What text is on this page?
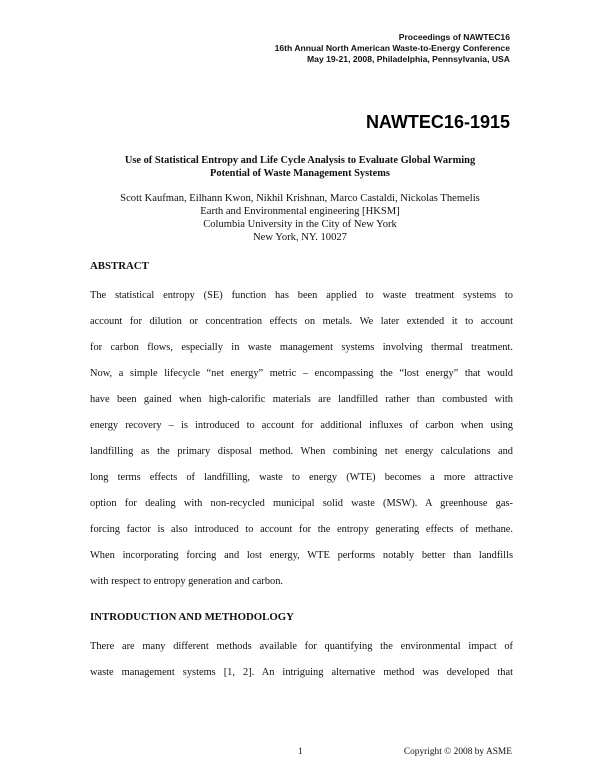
Proceedings of NAWTEC16
16th Annual North American Waste-to-Energy Conference
May 19-21, 2008, Philadelphia, Pennsylvania, USA
NAWTEC16-1915
Use of Statistical Entropy and Life Cycle Analysis to Evaluate Global Warming
Potential of Waste Management Systems
Scott Kaufman, Eilhann Kwon, Nikhil Krishnan, Marco Castaldi, Nickolas Themelis
Earth and Environmental engineering [HKSM]
Columbia University in the City of New York
New York, NY. 10027
ABSTRACT
The statistical entropy (SE) function has been applied to waste treatment systems to
account for dilution or concentration effects on metals. We later extended it to account
for carbon flows, especially in waste management systems involving thermal treatment.
Now, a simple lifecycle “net energy” metric – encompassing the “lost energy” that would
have been gained when high-calorific materials are landfilled rather than combusted with
energy recovery – is introduced to account for additional influxes of carbon when using
landfilling as the primary disposal method. When combining net energy calculations and
long terms effects of landfilling, waste to energy (WTE) becomes a more attractive
option for dealing with non-recycled municipal solid waste (MSW). A greenhouse gas-
forcing factor is also introduced to account for the entropy generating effects of methane.
When incorporating forcing and lost energy, WTE performs notably better than landfills
with respect to entropy generation and carbon.
INTRODUCTION AND METHODOLOGY
There are many different methods available for quantifying the environmental impact of
waste management systems [1, 2]. An intriguing alternative method was developed that
1	Copyright © 2008 by ASME
